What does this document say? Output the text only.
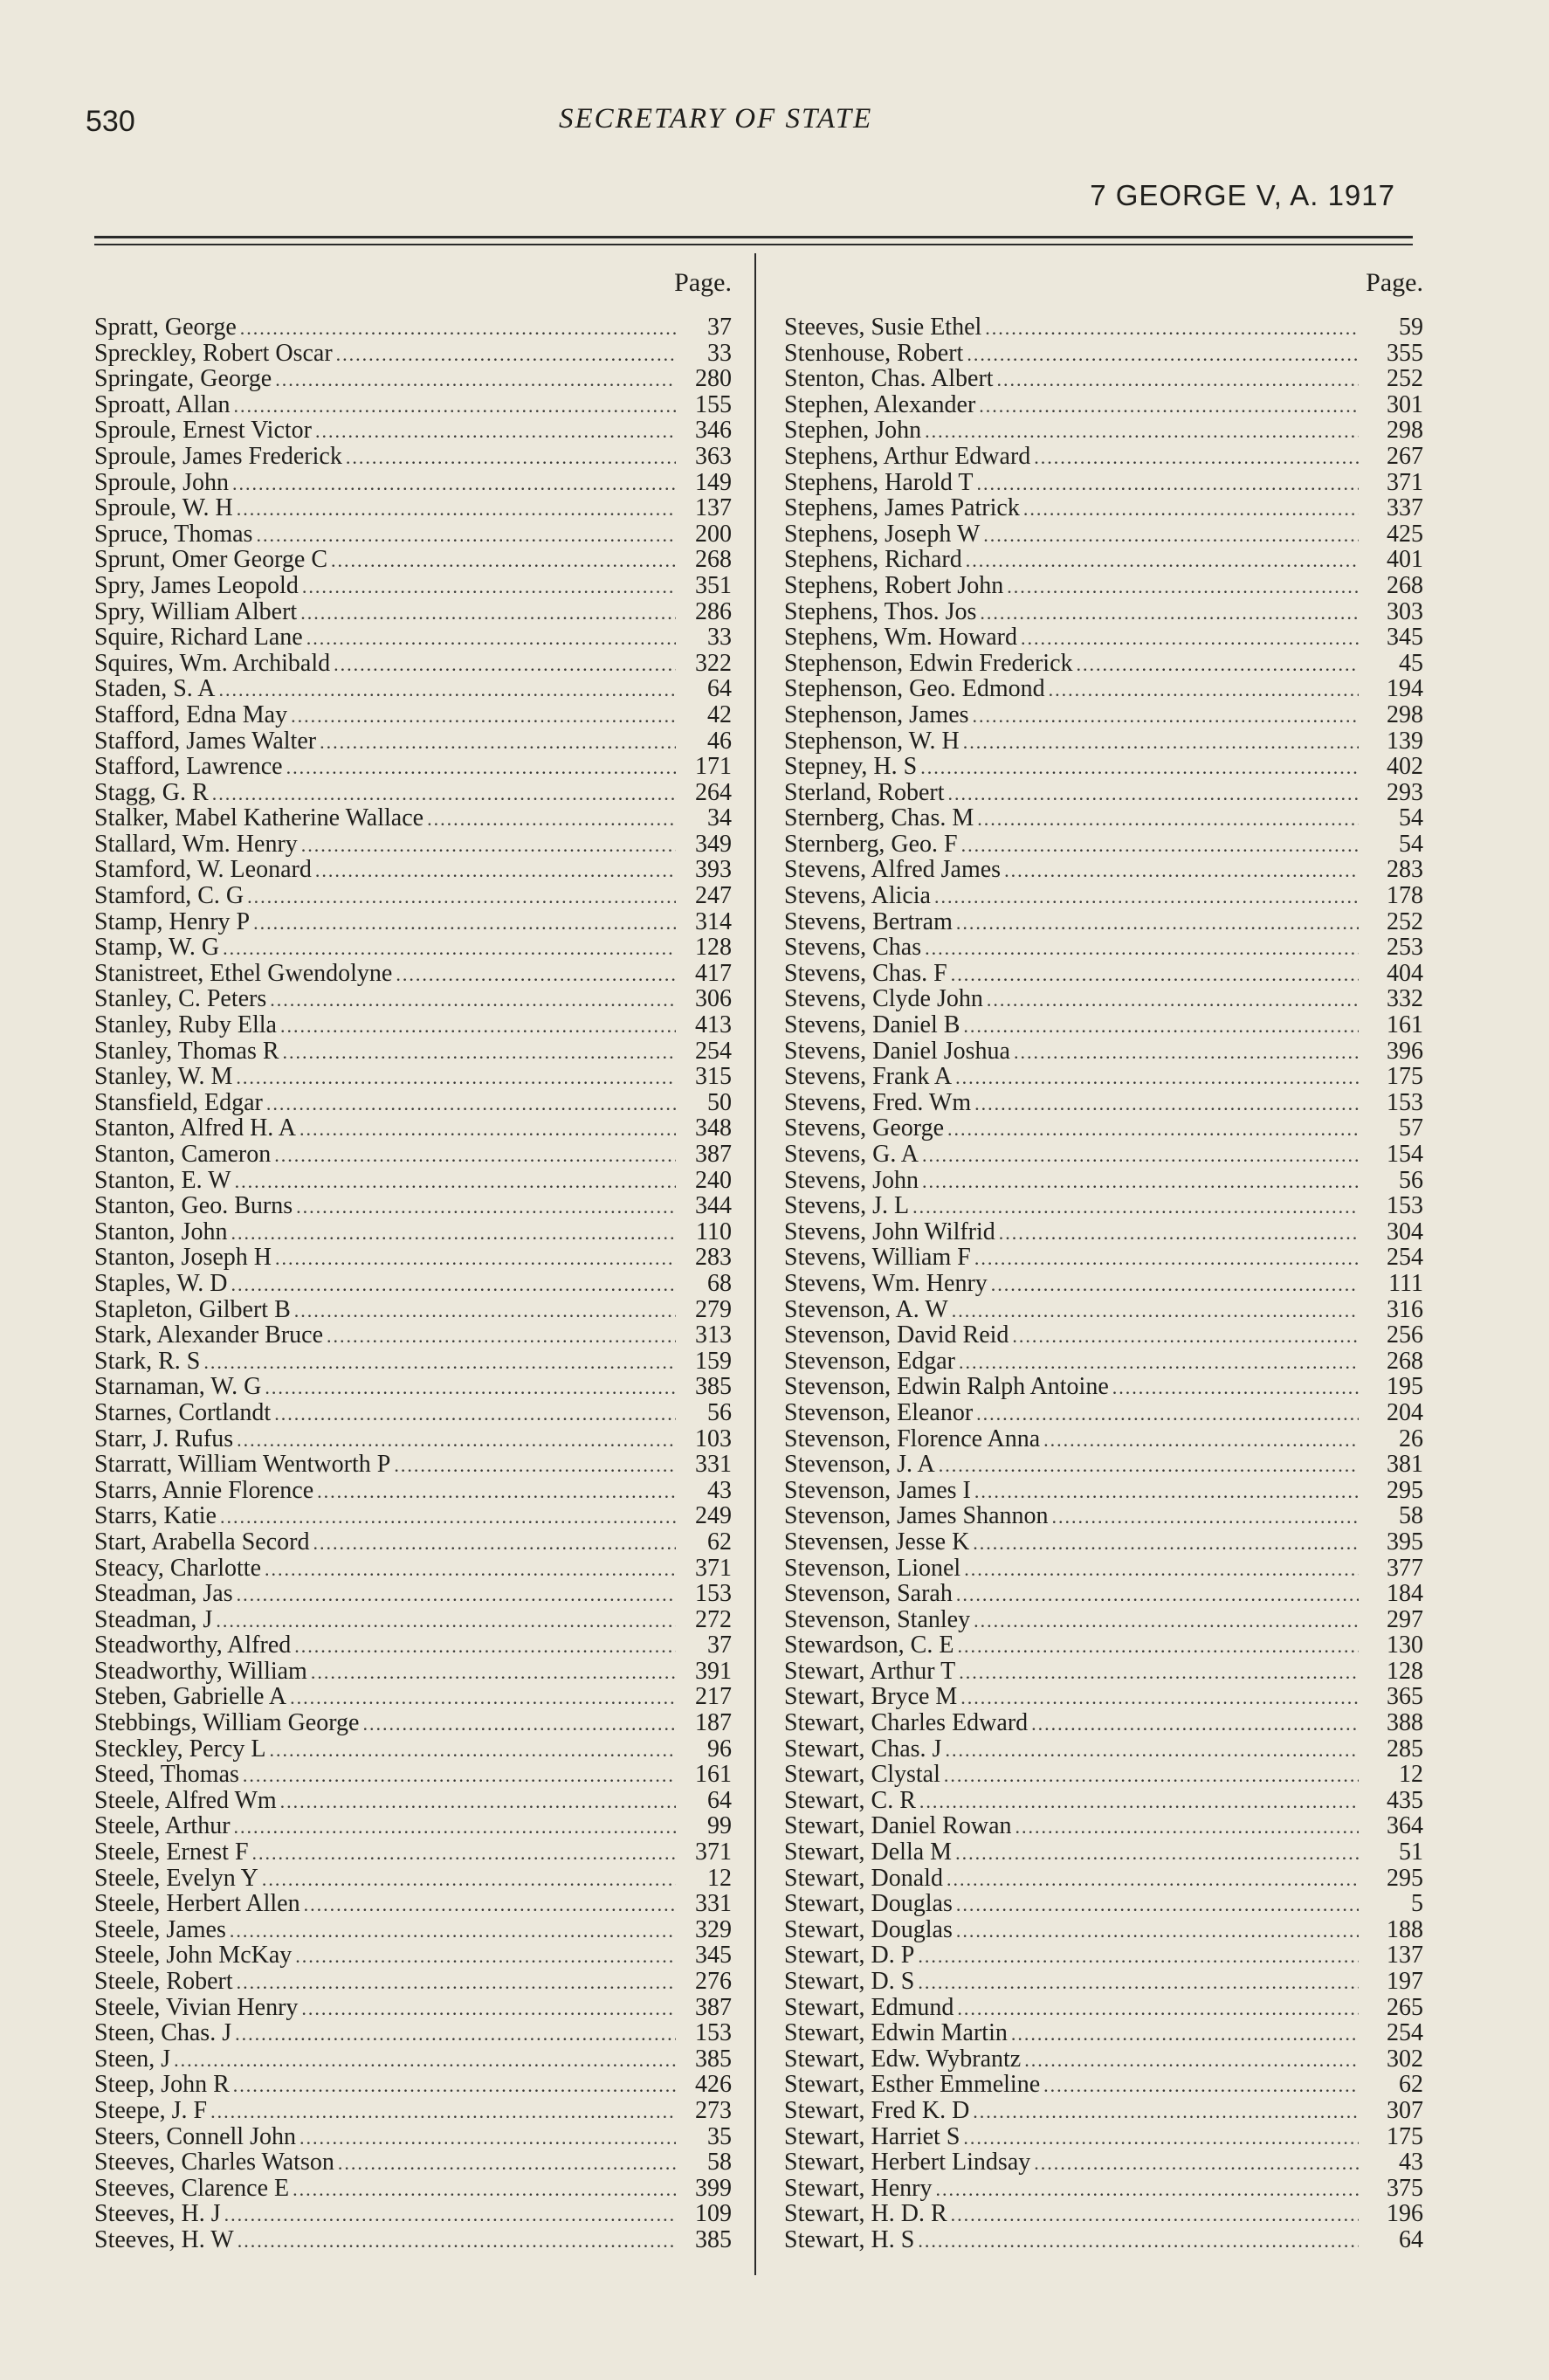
530	SECRETARY OF STATE
7 GEORGE V, A. 1917
Page.
Spratt, George .....	37
Spreckley, Robert Oscar .....	33
Springate, George .....	280
Sproatt, Allan .....	155
Sproule, Ernest Victor .....	346
Sproule, James Frederick .....	363
Sproule, John .....	149
Sproule, W. H .....	137
Spruce, Thomas .....	200
Sprunt, Omer George C .....	268
Spry, James Leopold .....	351
Spry, William Albert .....	286
Squire, Richard Lane .....	33
Squires, Wm. Archibald .....	322
Staden, S. A .....	64
Stafford, Edna May .....	42
Stafford, James Walter .....	46
Stafford, Lawrence .....	171
Stagg, G. R .....	264
Stalker, Mabel Katherine Wallace .....	34
Stallard, Wm. Henry .....	349
Stamford, W. Leonard .....	393
Stamford, C. G .....	247
Stamp, Henry P .....	314
Stamp, W. G .....	128
Stanistreet, Ethel Gwendolyne .....	417
Stanley, C. Peters .....	306
Stanley, Ruby Ella .....	413
Stanley, Thomas R .....	254
Stanley, W. M .....	315
Stansfield, Edgar .....	50
Stanton, Alfred H. A .....	348
Stanton, Cameron .....	387
Stanton, E. W .....	240
Stanton, Geo. Burns .....	344
Stanton, John .....	110
Stanton, Joseph H .....	283
Staples, W. D .....	68
Stapleton, Gilbert B .....	279
Stark, Alexander Bruce .....	313
Stark, R. S .....	159
Starnaman, W. G .....	385
Starnes, Cortlandt .....	56
Starr, J. Rufus .....	103
Starratt, William Wentworth P .....	331
Starrs, Annie Florence .....	43
Starrs, Katie .....	249
Start, Arabella Secord .....	62
Steacy, Charlotte .....	371
Steadman, Jas .....	153
Steadman, J .....	272
Steadworthy, Alfred .....	37
Steadworthy, William .....	391
Steben, Gabrielle A .....	217
Stebbings, William George .....	187
Steckley, Percy L .....	96
Steed, Thomas .....	161
Steele, Alfred Wm .....	64
Steele, Arthur .....	99
Steele, Ernest F .....	371
Steele, Evelyn Y .....	12
Steele, Herbert Allen .....	331
Steele, James .....	329
Steele, John McKay .....	345
Steele, Robert .....	276
Steele, Vivian Henry .....	387
Steen, Chas. J .....	153
Steen, J .....	385
Steep, John R .....	426
Steepe, J. F .....	273
Steers, Connell John .....	35
Steeves, Charles Watson .....	58
Steeves, Clarence E .....	399
Steeves, H. J .....	109
Steeves, H. W .....	385
Page.
Steeves, Susie Ethel .....	59
Stenhouse, Robert .....	355
Stenton, Chas. Albert .....	252
Stephen, Alexander .....	301
Stephen, John .....	298
Stephens, Arthur Edward .....	267
Stephens, Harold T .....	371
Stephens, James Patrick .....	337
Stephens, Joseph W .....	425
Stephens, Richard .....	401
Stephens, Robert John .....	268
Stephens, Thos. Jos .....	303
Stephens, Wm. Howard .....	345
Stephenson, Edwin Frederick .....	45
Stephenson, Geo. Edmond .....	194
Stephenson, James .....	298
Stephenson, W. H .....	139
Stepney, H. S .....	402
Sterland, Robert .....	293
Sternberg, Chas. M .....	54
Sternberg, Geo. F .....	54
Stevens, Alfred James .....	283
Stevens, Alicia .....	178
Stevens, Bertram .....	252
Stevens, Chas .....	253
Stevens, Chas. F .....	404
Stevens, Clyde John .....	332
Stevens, Daniel B .....	161
Stevens, Daniel Joshua .....	396
Stevens, Frank A .....	175
Stevens, Fred. Wm .....	153
Stevens, George .....	57
Stevens, G. A .....	154
Stevens, John .....	56
Stevens, J. L .....	153
Stevens, John Wilfrid .....	304
Stevens, William F .....	254
Stevens, Wm. Henry .....	111
Stevenson, A. W .....	316
Stevenson, David Reid .....	256
Stevenson, Edgar .....	268
Stevenson, Edwin Ralph Antoine .....	195
Stevenson, Eleanor .....	204
Stevenson, Florence Anna .....	26
Stevenson, J. A .....	381
Stevenson, James I .....	295
Stevenson, James Shannon .....	58
Stevensen, Jesse K .....	395
Stevenson, Lionel .....	377
Stevenson, Sarah .....	184
Stevenson, Stanley .....	297
Stewardson, C. E .....	130
Stewart, Arthur T .....	128
Stewart, Bryce M .....	365
Stewart, Charles Edward .....	388
Stewart, Chas. J .....	285
Stewart, Clystal .....	12
Stewart, C. R .....	435
Stewart, Daniel Rowan .....	364
Stewart, Della M .....	51
Stewart, Donald .....	295
Stewart, Douglas .....	5
Stewart, Douglas .....	188
Stewart, D. P .....	137
Stewart, D. S .....	197
Stewart, Edmund .....	265
Stewart, Edwin Martin .....	254
Stewart, Edw. Wybrantz .....	302
Stewart, Esther Emmeline .....	62
Stewart, Fred K. D .....	307
Stewart, Harriet S .....	175
Stewart, Herbert Lindsay .....	43
Stewart, Henry .....	375
Stewart, H. D. R .....	196
Stewart, H. S .....	64
